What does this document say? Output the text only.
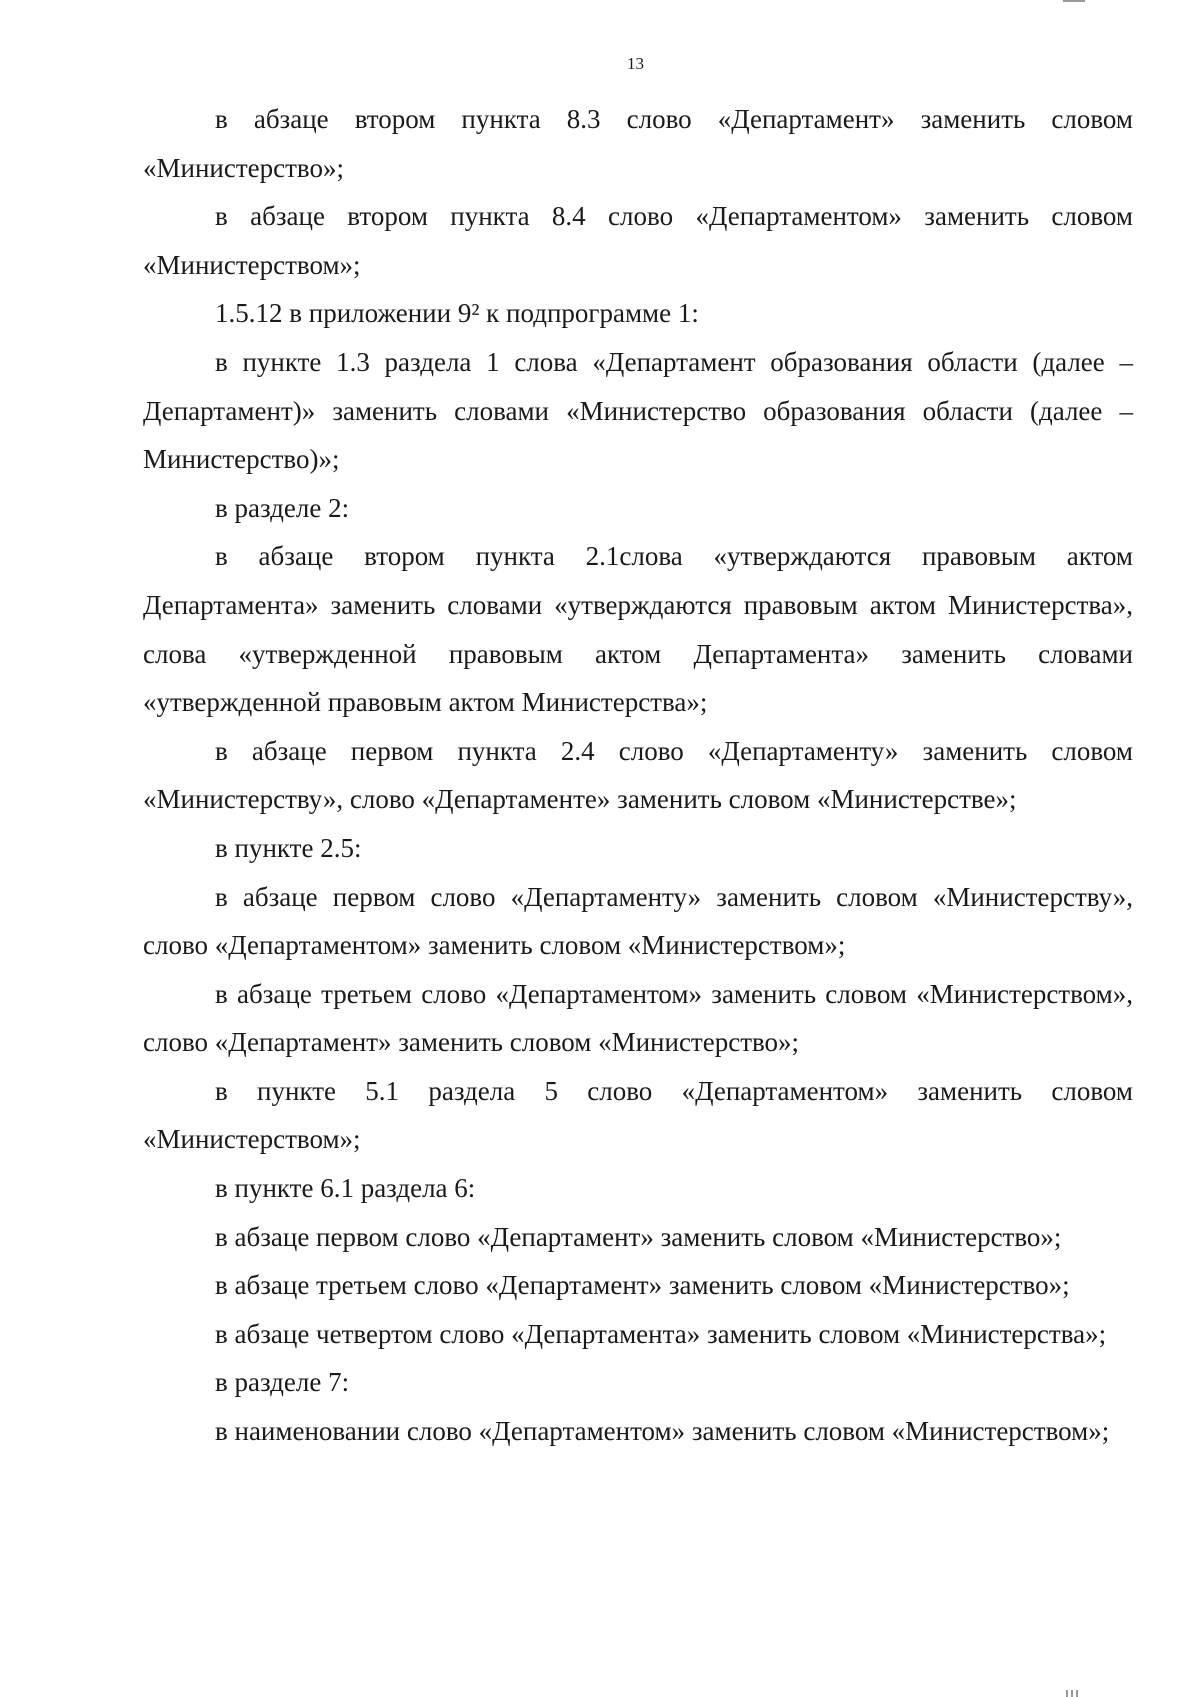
13

в абзаце втором пункта 8.3 слово «Департамент» заменить словом «Министерство»;

в абзаце втором пункта 8.4 слово «Департаментом» заменить словом «Министерством»;

1.5.12 в приложении 9² к подпрограмме 1:

в пункте 1.3 раздела 1 слова «Департамент образования области (далее – Департамент)» заменить словами «Министерство образования области (далее – Министерство)»;

в разделе 2:

в абзаце втором пункта 2.1слова «утверждаются правовым актом Департамента» заменить словами «утверждаются правовым актом Министерства», слова «утвержденной правовым актом Департамента» заменить словами «утвержденной правовым актом Министерства»;

в абзаце первом пункта 2.4 слово «Департаменту» заменить словом «Министерству», слово «Департаменте» заменить словом «Министерстве»;

в пункте 2.5:

в абзаце первом слово «Департаменту» заменить словом «Министерству», слово «Департаментом» заменить словом «Министерством»;

в абзаце третьем слово «Департаментом» заменить словом «Министерством», слово «Департамент» заменить словом «Министерство»;

в пункте 5.1 раздела 5 слово «Департаментом» заменить словом «Министерством»;

в пункте 6.1 раздела 6:

в абзаце первом слово «Департамент» заменить словом «Министерство»;

в абзаце третьем слово «Департамент» заменить словом «Министерство»;

в абзаце четвертом слово «Департамента» заменить словом «Министерства»;

в разделе 7:

в наименовании слово «Департаментом» заменить словом «Министерством»;
